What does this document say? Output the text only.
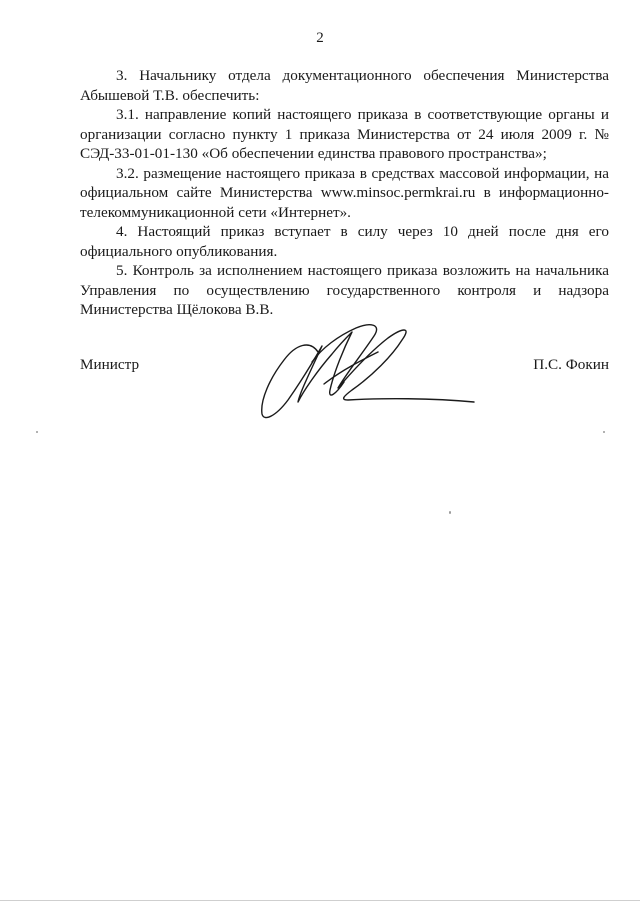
2

3. Начальнику отдела документационного обеспечения Министерства Абышевой Т.В. обеспечить:

3.1. направление копий настоящего приказа в соответствующие органы и организации согласно пункту 1 приказа Министерства от 24 июля 2009 г. № СЭД-33-01-01-130 «Об обеспечении единства правового пространства»;

3.2. размещение настоящего приказа в средствах массовой информации, на официальном сайте Министерства www.minsoc.permkrai.ru в информационно-телекоммуникационной сети «Интернет».

4. Настоящий приказ вступает в силу через 10 дней после дня его официального опубликования.

5. Контроль за исполнением настоящего приказа возложить на начальника Управления по осуществлению государственного контроля и надзора Министерства Щёлокова В.В.

Министр	П.С. Фокин
